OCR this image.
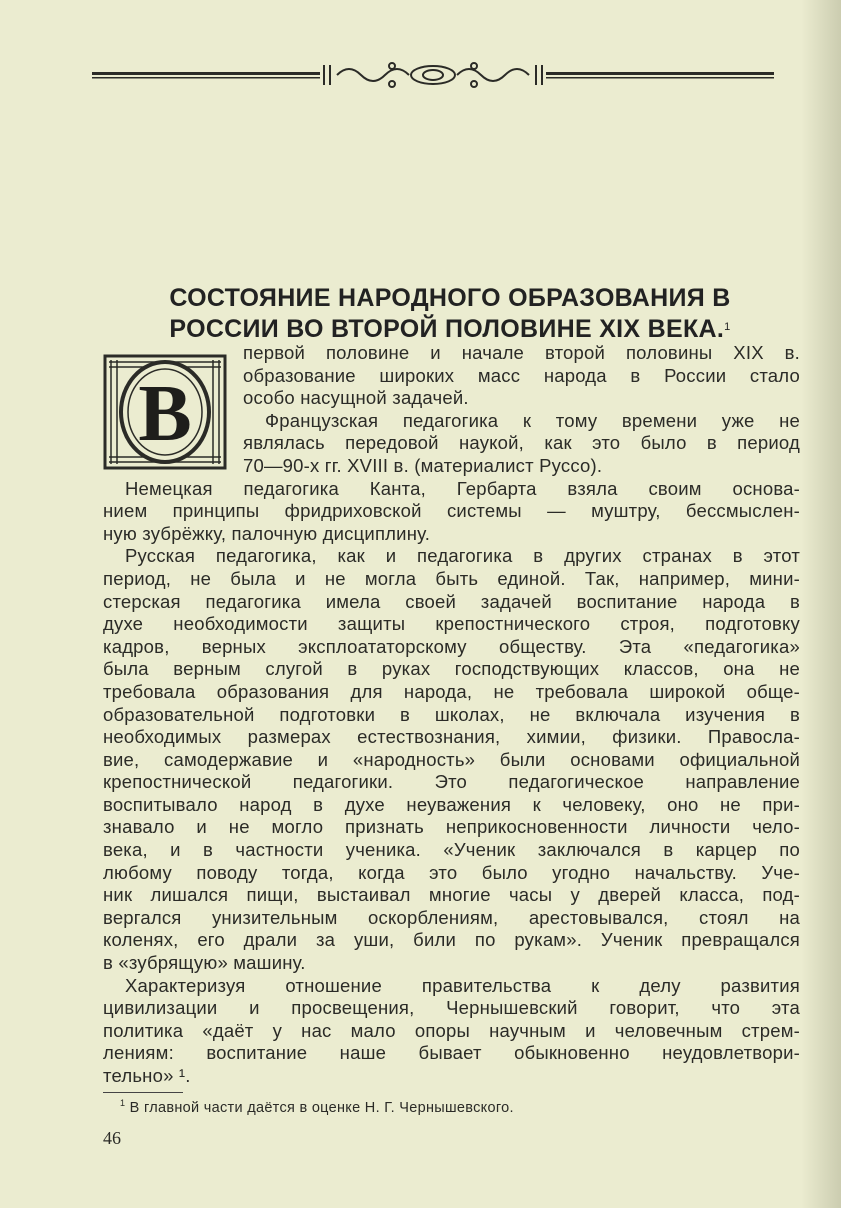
СОСТОЯНИЕ НАРОДНОГО ОБРАЗОВАНИЯ В
РОССИИ ВО ВТОРОЙ ПОЛОВИНЕ XIX ВЕКА.$^1$
В
первой половине и начале второй половины XIX в.
образование широких масс народа в России стало
особо насущной задачей.
Французская педагогика к тому времени уже не
являлась передовой наукой, как это было в период
70—90-х гг. XVIII в. (материалист Руссо).
Немецкая педагогика Канта, Гербарта взяла своим основа-
нием принципы фридриховской системы — муштру, бессмыслен-
ную зубрёжку, палочную дисциплину.
Русская педагогика, как и педагогика в других странах в этот
период, не была и не могла быть единой. Так, например, мини-
стерская педагогика имела своей задачей воспитание народа в
духе необходимости защиты крепостнического строя, подготовку
кадров, верных эксплоататорскому обществу. Эта «педагогика»
была верным слугой в руках господствующих классов, она не
требовала образования для народа, не требовала широкой обще-
образовательной подготовки в школах, не включала изучения в
необходимых размерах естествознания, химии, физики. Правосла-
вие, самодержавие и «народность» были основами официальной
крепостнической педагогики. Это педагогическое направление
воспитывало народ в духе неуважения к человеку, оно не при-
знавало и не могло признать неприкосновенности личности чело-
века, и в частности ученика. «Ученик заключался в карцер по
любому поводу тогда, когда это было угодно начальству. Уче-
ник лишался пищи, выстаивал многие часы у дверей класса, под-
вергался унизительным оскорблениям, арестовывался, стоял на
коленях, его драли за уши, били по рукам». Ученик превращался
в «зубрящую» машину.
Характеризуя отношение правительства к делу развития
цивилизации и просвещения, Чернышевский говорит, что эта
политика «даёт у нас мало опоры научным и человечным стрем-
лениям: воспитание наше бывает обыкновенно неудовлетвори-
тельно» ¹.
$^1$ В главной части даётся в оценке Н. Г. Чернышевского.
46
